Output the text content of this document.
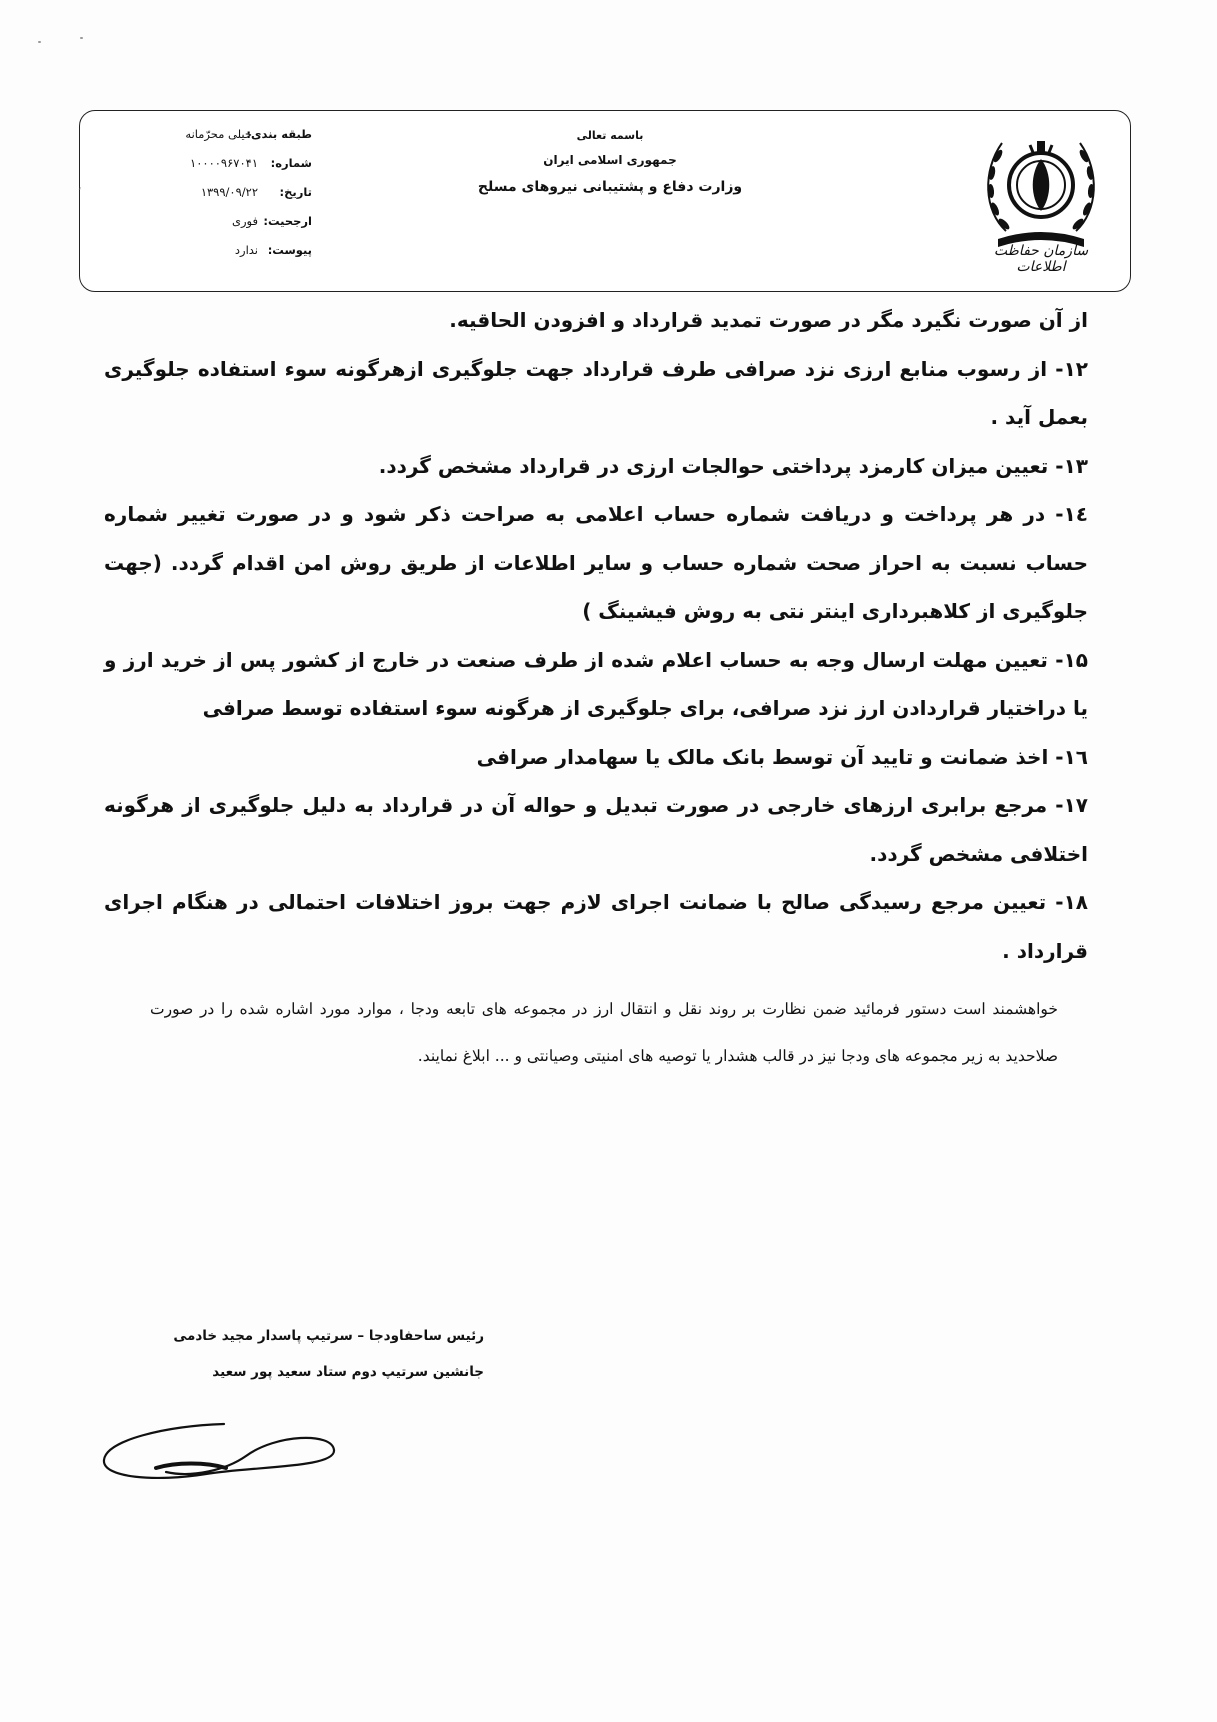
سازمان حفاظت اطلاعات
باسمه تعالی
جمهوری اسلامی ایران
وزارت دفاع و پشتیبانی نیروهای مسلح
طبقه بندی:
خیلی محرّمانه
شماره:
۱۰۰۰۰۹۶۷۰۴۱
تاریخ:
۱۳۹۹/۰۹/۲۲
ʻ
ارجحیت:
فوری
پیوست:
ندارد

از آن صورت نگیرد مگر در صورت تمدید قرارداد و افزودن الحاقیه.

۱۲- از رسوب منابع ارزی نزد صرافی طرف قرارداد جهت جلوگیری ازهرگونه سوء استفاده جلوگیری بعمل آید .

۱۳- تعیین میزان کارمزد پرداختی حوالجات ارزی در قرارداد مشخص گردد.

۱٤- در هر پرداخت و دریافت شماره حساب اعلامی به صراحت ذکر شود و در صورت تغییر شماره حساب نسبت به احراز صحت شماره حساب و سایر اطلاعات از طریق روش امن اقدام گردد. (جهت جلوگیری از کلاهبرداری اینتر نتی به روش فیشینگ )

۱۵- تعیین مهلت ارسال وجه به حساب اعلام شده از طرف صنعت در خارج از کشور پس از خرید ارز و یا دراختیار قراردادن ارز نزد صرافی، برای جلوگیری از هرگونه سوء استفاده توسط صرافی

۱٦- اخذ ضمانت و تایید آن توسط بانک مالک یا سهامدار صرافی

۱۷- مرجع برابری ارزهای خارجی در صورت تبدیل و حواله آن در قرارداد به دلیل جلوگیری از هرگونه اختلافی مشخص گردد.

۱۸- تعیین مرجع رسیدگی صالح با ضمانت اجرای لازم جهت بروز اختلافات احتمالی در هنگام اجرای قرارداد .

خواهشمند است دستور فرمائید ضمن نظارت بر روند نقل و انتقال ارز در مجموعه های تابعه ودجا ، موارد مورد اشاره شده را در صورت صلاحدید به زیر مجموعه های ودجا نیز در قالب هشدار یا توصیه های امنیتی وصیانتی و ... ابلاغ نمایند.

رئیس ساحفاودجا – سرتیپ پاسدار مجید خادمی
جانشین سرتیپ دوم ستاد سعید پور سعید
